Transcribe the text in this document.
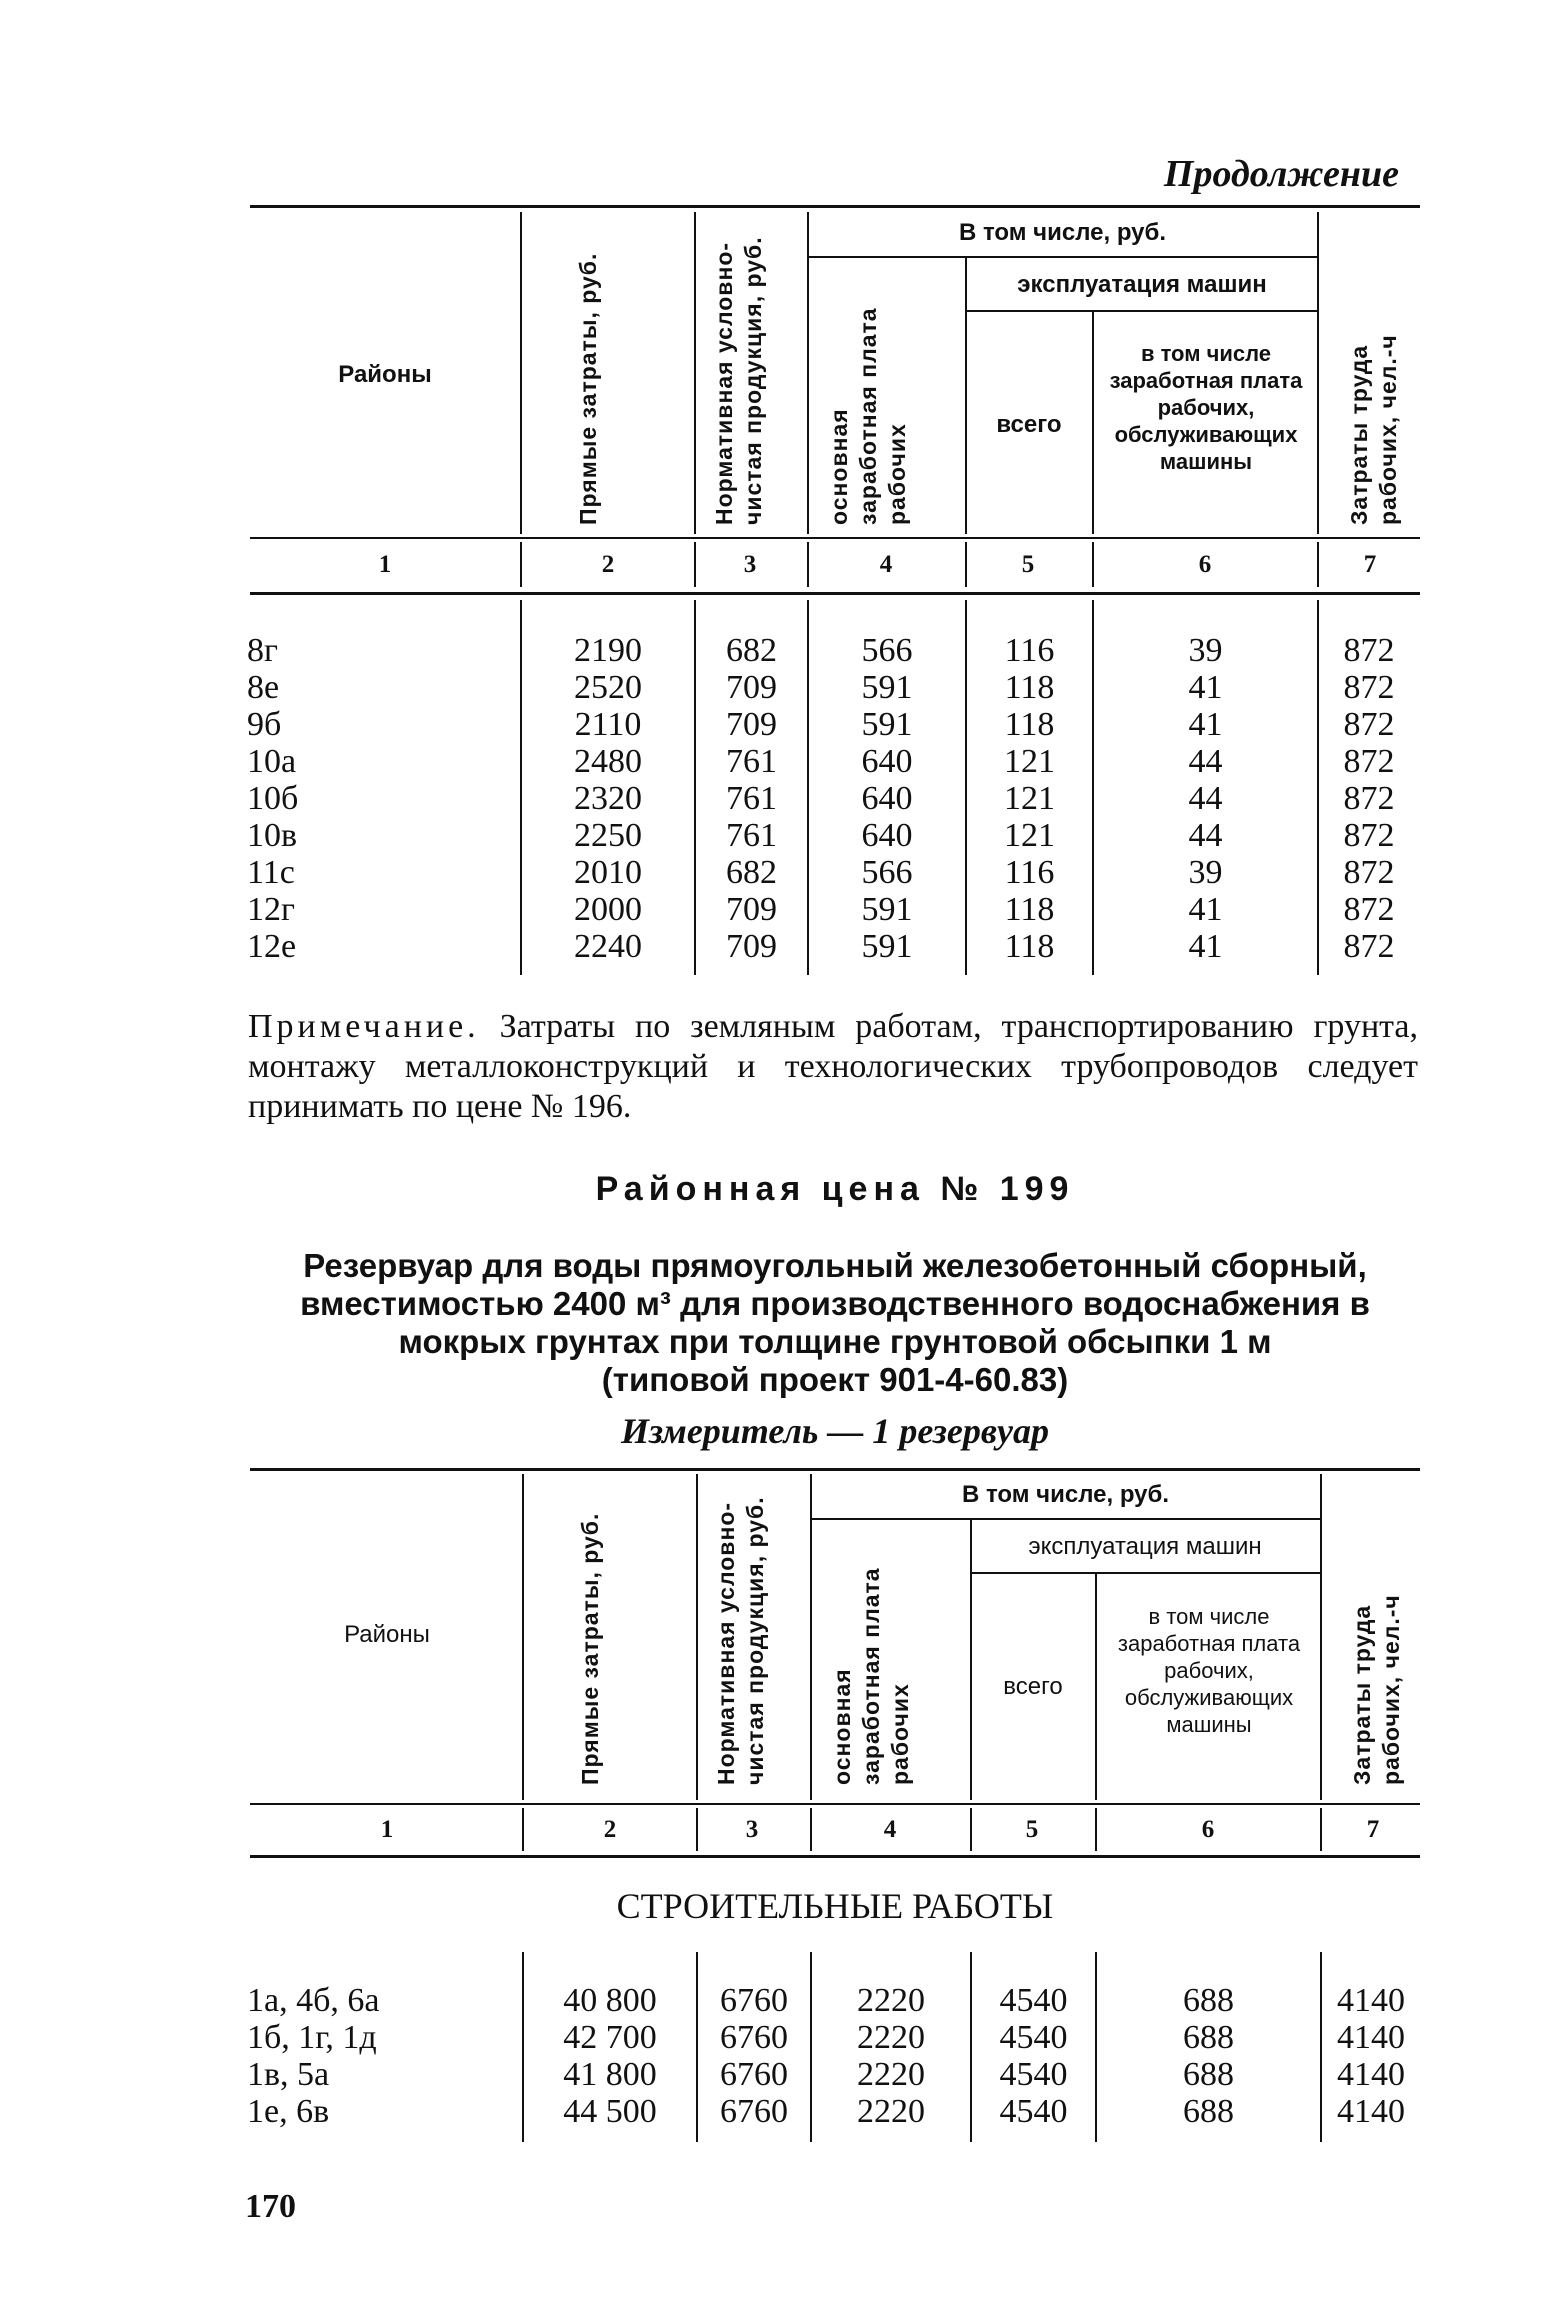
Продолжение
Районы	Прямые затраты, руб.	Нормативная условно-чистая продукция, руб.
В том числе, руб.
основная заработная плата рабочих
эксплуатация машин
всего
в том числе заработная плата рабочих, обслуживающих машины	Затраты труда рабочих, чел.-ч
1	2	3	4	5	6	7
8г	2190	682	566	116	39	872
8е	2520	709	591	118	41	872
9б	2110	709	591	118	41	872
10а	2480	761	640	121	44	872
10б	2320	761	640	121	44	872
10в	2250	761	640	121	44	872
11с	2010	682	566	116	39	872
12г	2000	709	591	118	41	872
12е	2240	709	591	118	41	872
Примечание. Затраты по земляным работам, транспортированию грунта, монтажу металлоконструкций и технологических трубопроводов следует принимать по цене № 196.
Районная цена № 199
Резервуар для воды прямоугольный железобетонный сборный,
вместимостью 2400 м³ для производственного водоснабжения в
мокрых грунтах при толщине грунтовой обсыпки 1 м
(типовой проект 901-4-60.83)
Измеритель — 1 резервуар
Районы	Прямые затраты, руб.	Нормативная условно-чистая продукция, руб.
В том числе, руб.
основная заработная плата рабочих
эксплуатация машин
всего
в том числе заработная плата рабочих, обслуживающих машины	Затраты труда рабочих, чел.-ч
1	2	3	4	5	6	7
СТРОИТЕЛЬНЫЕ РАБОТЫ
1а, 4б, 6а	40 800	6760	2220	4540	688	4140
1б, 1г, 1д	42 700	6760	2220	4540	688	4140
1в, 5а	41 800	6760	2220	4540	688	4140
1е, 6в	44 500	6760	2220	4540	688	4140
170
